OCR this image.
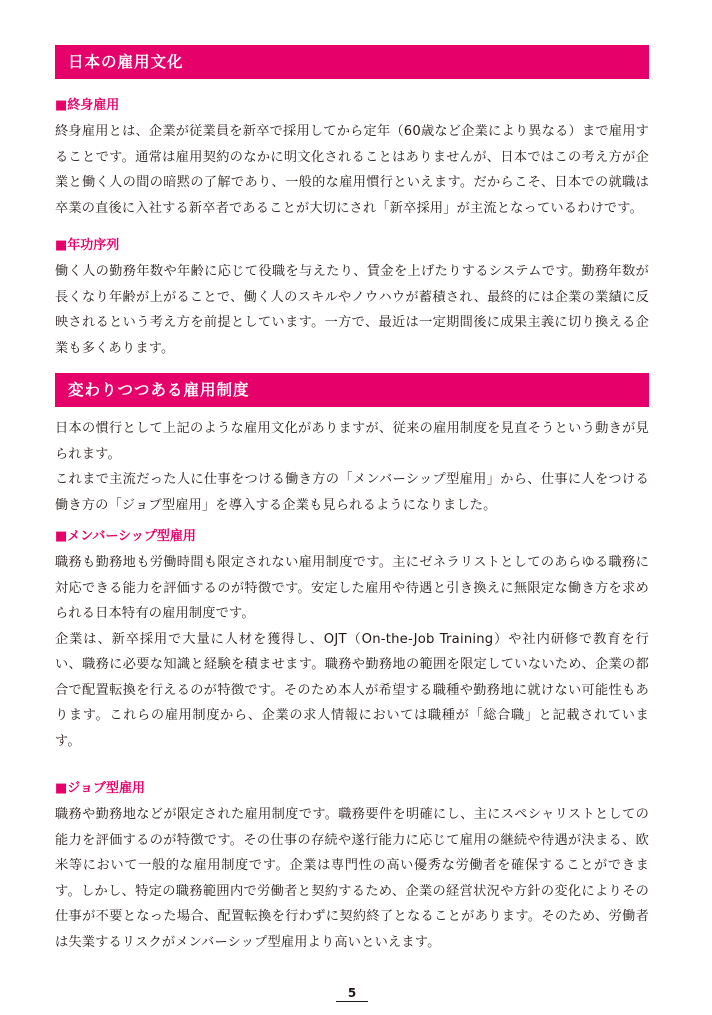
日本の雇用文化
■終身雇用

終身雇用とは、企業が従業員を新卒で採用してから定年（60歳など企業により異なる）まで雇用することです。通常は雇用契約のなかに明文化されることはありませんが、日本ではこの考え方が企業と働く人の間の暗黙の了解であり、一般的な雇用慣行といえます。だからこそ、日本での就職は卒業の直後に入社する新卒者であることが大切にされ「新卒採用」が主流となっているわけです。

■年功序列

働く人の勤務年数や年齢に応じて役職を与えたり、賃金を上げたりするシステムです。勤務年数が長くなり年齢が上がることで、働く人のスキルやノウハウが蓄積され、最終的には企業の業績に反映されるという考え方を前提としています。一方で、最近は一定期間後に成果主義に切り換える企業も多くあります。

変わりつつある雇用制度

日本の慣行として上記のような雇用文化がありますが、従来の雇用制度を見直そうという動きが見られます。

これまで主流だった人に仕事をつける働き方の「メンバーシップ型雇用」から、仕事に人をつける働き方の「ジョブ型雇用」を導入する企業も見られるようになりました。

■メンバーシップ型雇用

職務も勤務地も労働時間も限定されない雇用制度です。主にゼネラリストとしてのあらゆる職務に対応できる能力を評価するのが特徴です。安定した雇用や待遇と引き換えに無限定な働き方を求められる日本特有の雇用制度です。

企業は、新卒採用で大量に人材を獲得し、OJT（On-the-Job Training）や社内研修で教育を行い、職務に必要な知識と経験を積ませます。職務や勤務地の範囲を限定していないため、企業の都合で配置転換を行えるのが特徴です。そのため本人が希望する職種や勤務地に就けない可能性もあります。これらの雇用制度から、企業の求人情報においては職種が「総合職」と記載されています。

■ジョブ型雇用

職務や勤務地などが限定された雇用制度です。職務要件を明確にし、主にスペシャリストとしての能力を評価するのが特徴です。その仕事の存続や遂行能力に応じて雇用の継続や待遇が決まる、欧米等において一般的な雇用制度です。企業は専門性の高い優秀な労働者を確保することができます。しかし、特定の職務範囲内で労働者と契約するため、企業の経営状況や方針の変化によりその仕事が不要となった場合、配置転換を行わずに契約終了となることがあります。そのため、労働者は失業するリスクがメンバーシップ型雇用より高いといえます。

5
